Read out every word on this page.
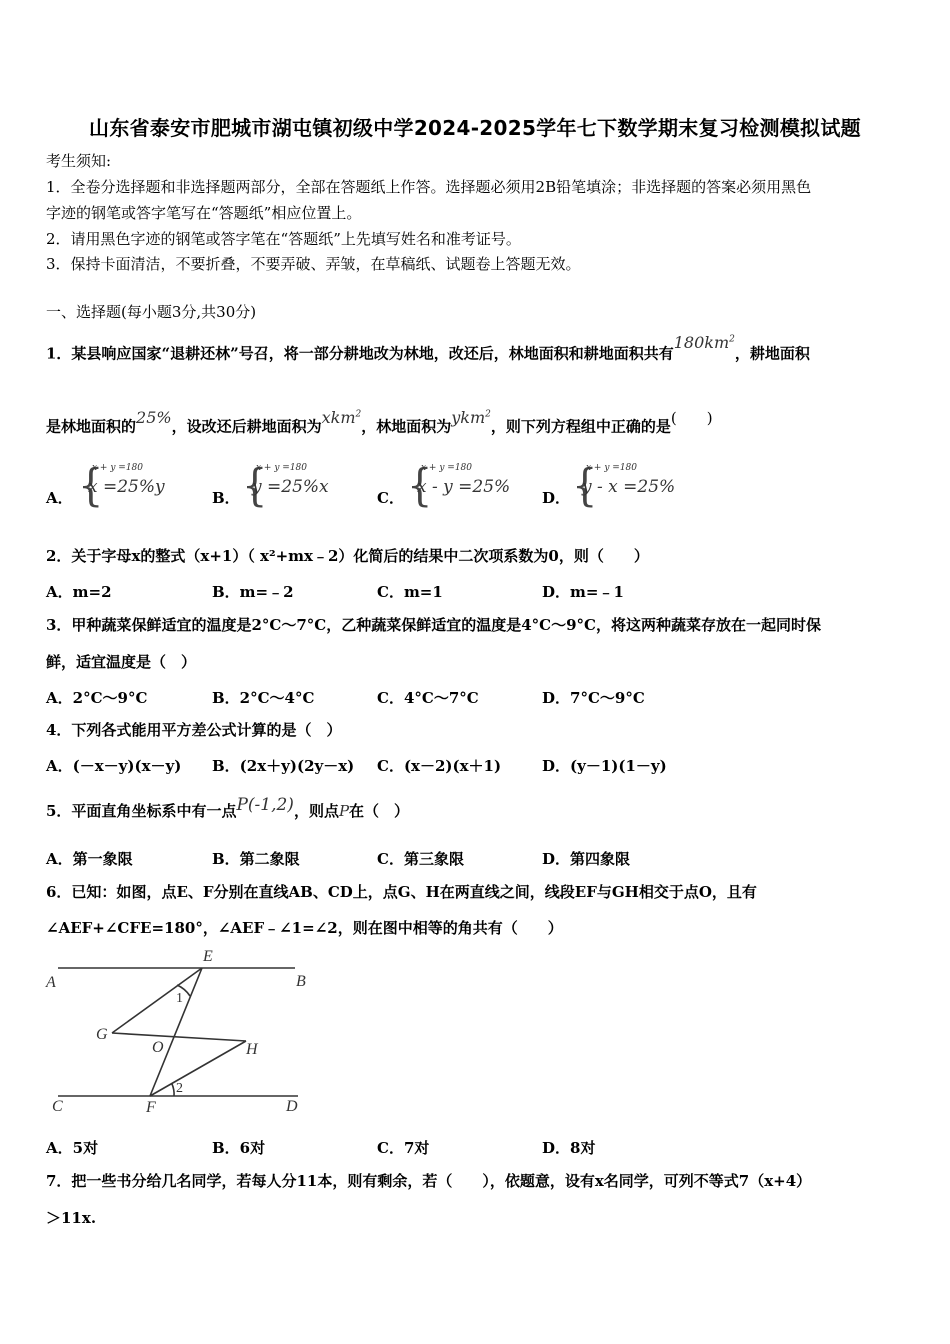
山东省泰安市肥城市湖屯镇初级中学2024-2025学年七下数学期末复习检测模拟试题
考生须知:
1．全卷分选择题和非选择题两部分，全部在答题纸上作答。选择题必须用2B铅笔填涂；非选择题的答案必须用黑色
字迹的钢笔或答字笔写在“答题纸”相应位置上。
2．请用黑色字迹的钢笔或答字笔在“答题纸”上先填写姓名和准考证号。
3．保持卡面清洁，不要折叠，不要弄破、弄皱，在草稿纸、试题卷上答题无效。
一、选择题(每小题3分,共30分)
1．某县响应国家“退耕还林”号召，将一部分耕地改为林地，改还后，林地面积和耕地面积共有$180km^2$，耕地面积
是林地面积的25%，设改还后耕地面积为xkm$^2$，林地面积为ykm$^2$，则下列方程组中正确的是(　　)
A． {
x + y =180
x =25%y
B． {
x + y =180
y =25%x
C． {
x + y =180
x - y =25%
D． {
x + y =180
y - x =25%
2．关于字母x的整式（x+1）（ x²+mx﹣2）化简后的结果中二次项系数为0，则（　　）
A．m=2	B．m=﹣2	C．m=1	D．m=﹣1
3．甲种蔬菜保鲜适宜的温度是2°C～7°C，乙种蔬菜保鲜适宜的温度是4°C～9°C，将这两种蔬菜存放在一起同时保
鲜，适宜温度是（　）
A．2°C～9°C	B．2°C～4°C	C．4°C～7°C	D．7°C～9°C
4．下列各式能用平方差公式计算的是（　）
A．(－x－y)(x－y) B．(2x＋y)(2y－x) C．(x－2)(x＋1)	D．(y－1)(1－y)
5．平面直角坐标系中有一点P(-1,2)，则点P在（　）
A．第一象限	B．第二象限	C．第三象限	D．第四象限
6．已知：如图，点E、F分别在直线AB、CD上，点G、H在两直线之间，线段EF与GH相交于点O，且有
∠AEF+∠CFE=180°，∠AEF﹣∠1=∠2，则在图中相等的角共有（　　）
A	B
C	D
E
F
G
H
O
1
2
A．5对	B．6对	C．7对	D．8对
7．把一些书分给几名同学，若每人分11本，则有剩余，若（　　），依题意，设有x名同学，可列不等式7（x+4）
＞11x.
